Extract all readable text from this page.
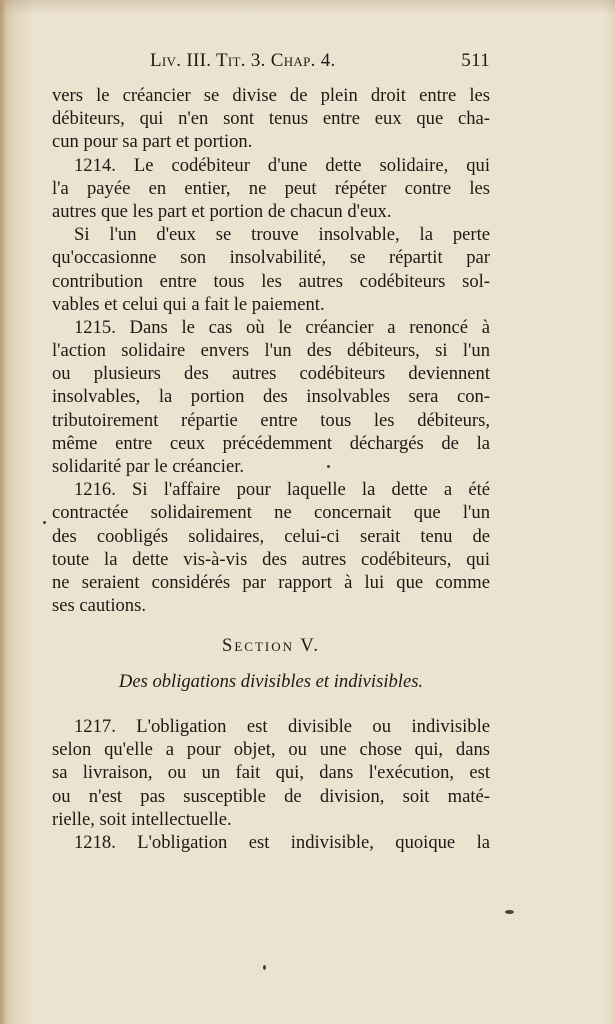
Liv. III. Tit. 3. Chap. 4.	511
vers le créancier se divise de plein droit entre les
débiteurs, qui n'en sont tenus entre eux que cha-
cun pour sa part et portion.
1214. Le codébiteur d'une dette solidaire, qui
l'a payée en entier, ne peut répéter contre les
autres que les part et portion de chacun d'eux.
Si l'un d'eux se trouve insolvable, la perte
qu'occasionne son insolvabilité, se répartit par
contribution entre tous les autres codébiteurs sol-
vables et celui qui a fait le paiement.
1215. Dans le cas où le créancier a renoncé à
l'action solidaire envers l'un des débiteurs, si l'un
ou plusieurs des autres codébiteurs deviennent
insolvables, la portion des insolvables sera con-
tributoirement répartie entre tous les débiteurs,
même entre ceux précédemment déchargés de la
solidarité par le créancier.
1216. Si l'affaire pour laquelle la dette a été
contractée solidairement ne concernait que l'un
des coobligés solidaires, celui-ci serait tenu de
toute la dette vis-à-vis des autres codébiteurs, qui
ne seraient considérés par rapport à lui que comme
ses cautions.
Section V.
Des obligations divisibles et indivisibles.
1217. L'obligation est divisible ou indivisible
selon qu'elle a pour objet, ou une chose qui, dans
sa livraison, ou un fait qui, dans l'exécution, est
ou n'est pas susceptible de division, soit maté-
rielle, soit intellectuelle.
1218. L'obligation est indivisible, quoique la
